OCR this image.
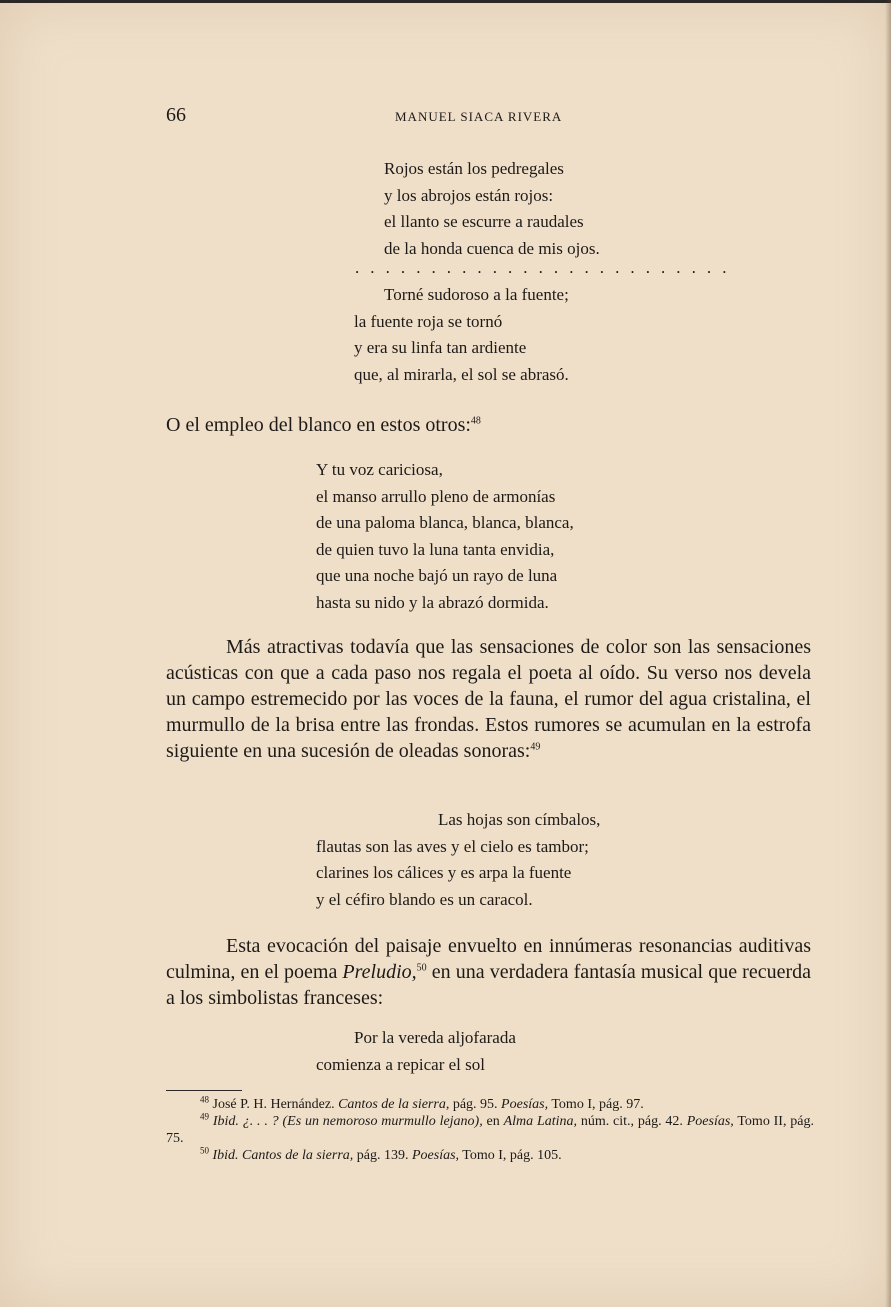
66	MANUEL SIACA RIVERA
Rojos están los pedregales
y los abrojos están rojos:
el llanto se escurre a raudales
de la honda cuenca de mis ojos.
. . . . . . . . . . . . . . . . . . . . . . . . .
Torné sudoroso a la fuente;
la fuente roja se tornó
y era su linfa tan ardiente
que, al mirarla, el sol se abrasó.
O el empleo del blanco en estos otros:$^{48}$
Y tu voz cariciosa,
el manso arrullo pleno de armonías
de una paloma blanca, blanca, blanca,
de quien tuvo la luna tanta envidia,
que una noche bajó un rayo de luna
hasta su nido y la abrazó dormida.
Más atractivas todavía que las sensaciones de color son las sensaciones acústicas con que a cada paso nos regala el poeta al oído. Su verso nos devela un campo estremecido por las voces de la fauna, el rumor del agua cristalina, el murmullo de la brisa entre las frondas. Estos rumores se acumulan en la estrofa siguiente en una sucesión de oleadas sonoras:$^{49}$
Las hojas son címbalos,
flautas son las aves y el cielo es tambor;
clarines los cálices y es arpa la fuente
y el céfiro blando es un caracol.
Esta evocación del paisaje envuelto en innúmeras resonancias auditivas culmina, en el poema Preludio,$^{50}$ en una verdadera fantasía musical que recuerda a los simbolistas franceses:
Por la vereda aljofarada
comienza a repicar el sol
$^{48}$ José P. H. Hernández. Cantos de la sierra, pág. 95. Poesías, Tomo I, pág. 97.
$^{49}$ Ibid. ¿. . . ? (Es un nemoroso murmullo lejano), en Alma Latina, núm. cit., pág. 42. Poesías, Tomo II, pág. 75.
$^{50}$ Ibid. Cantos de la sierra, pág. 139. Poesías, Tomo I, pág. 105.
